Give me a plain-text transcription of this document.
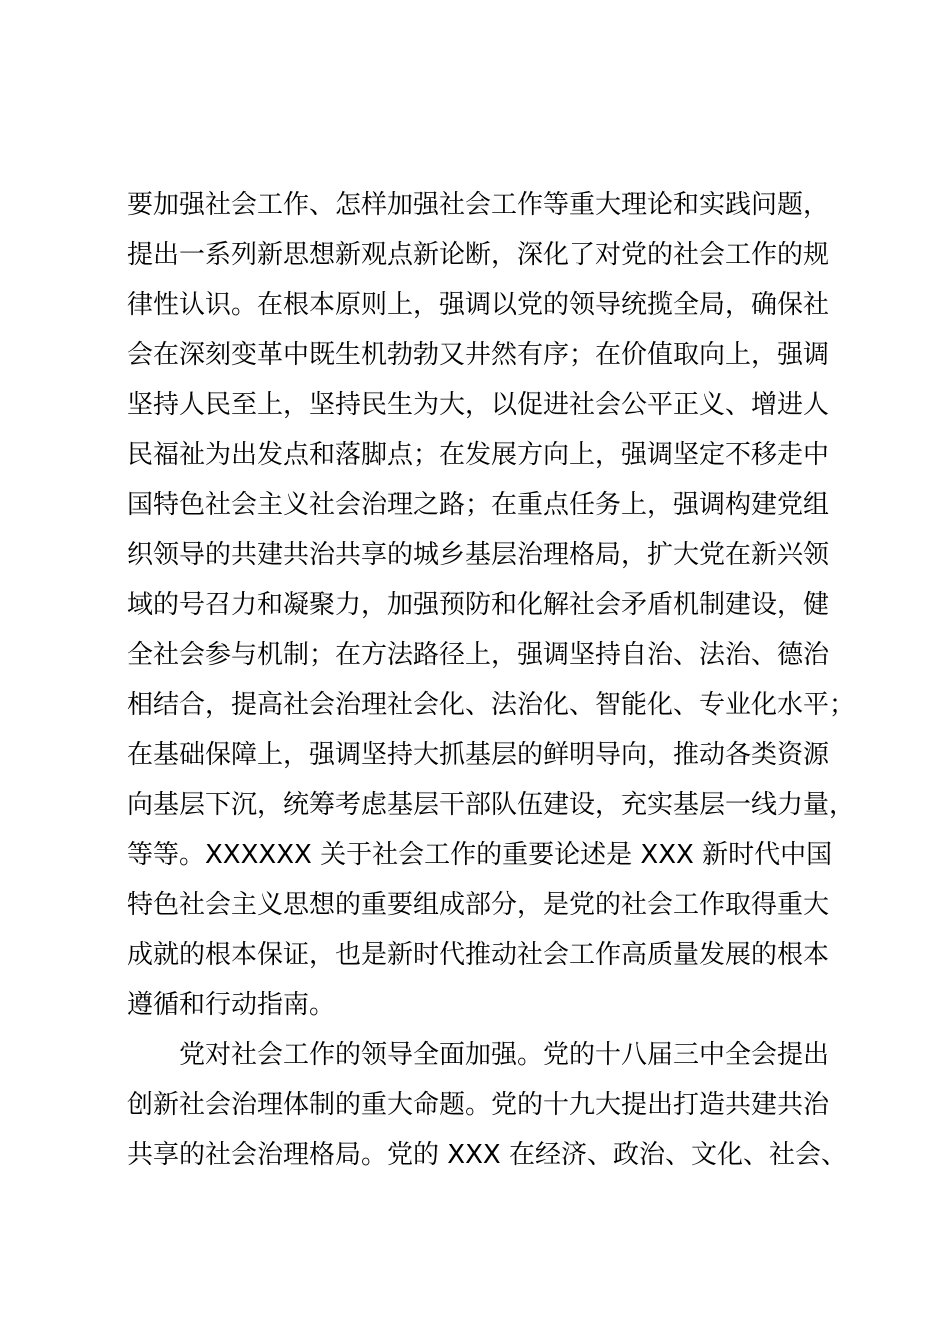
要加强社会工作、怎样加强社会工作等重大理论和实践问题，
提出一系列新思想新观点新论断，深化了对党的社会工作的规
律性认识。在根本原则上，强调以党的领导统揽全局，确保社
会在深刻变革中既生机勃勃又井然有序；在价值取向上，强调
坚持人民至上，坚持民生为大，以促进社会公平正义、增进人
民福祉为出发点和落脚点；在发展方向上，强调坚定不移走中
国特色社会主义社会治理之路；在重点任务上，强调构建党组
织领导的共建共治共享的城乡基层治理格局，扩大党在新兴领
域的号召力和凝聚力，加强预防和化解社会矛盾机制建设，健
全社会参与机制；在方法路径上，强调坚持自治、法治、德治
相结合，提高社会治理社会化、法治化、智能化、专业化水平；
在基础保障上，强调坚持大抓基层的鲜明导向，推动各类资源
向基层下沉，统筹考虑基层干部队伍建设，充实基层一线力量，
等等。XXXXXX 关于社会工作的重要论述是 XXX 新时代中国
特色社会主义思想的重要组成部分，是党的社会工作取得重大
成就的根本保证，也是新时代推动社会工作高质量发展的根本
遵循和行动指南。
党对社会工作的领导全面加强。党的十八届三中全会提出
创新社会治理体制的重大命题。党的十九大提出打造共建共治
共享的社会治理格局。党的 XXX 在经济、政治、文化、社会、
